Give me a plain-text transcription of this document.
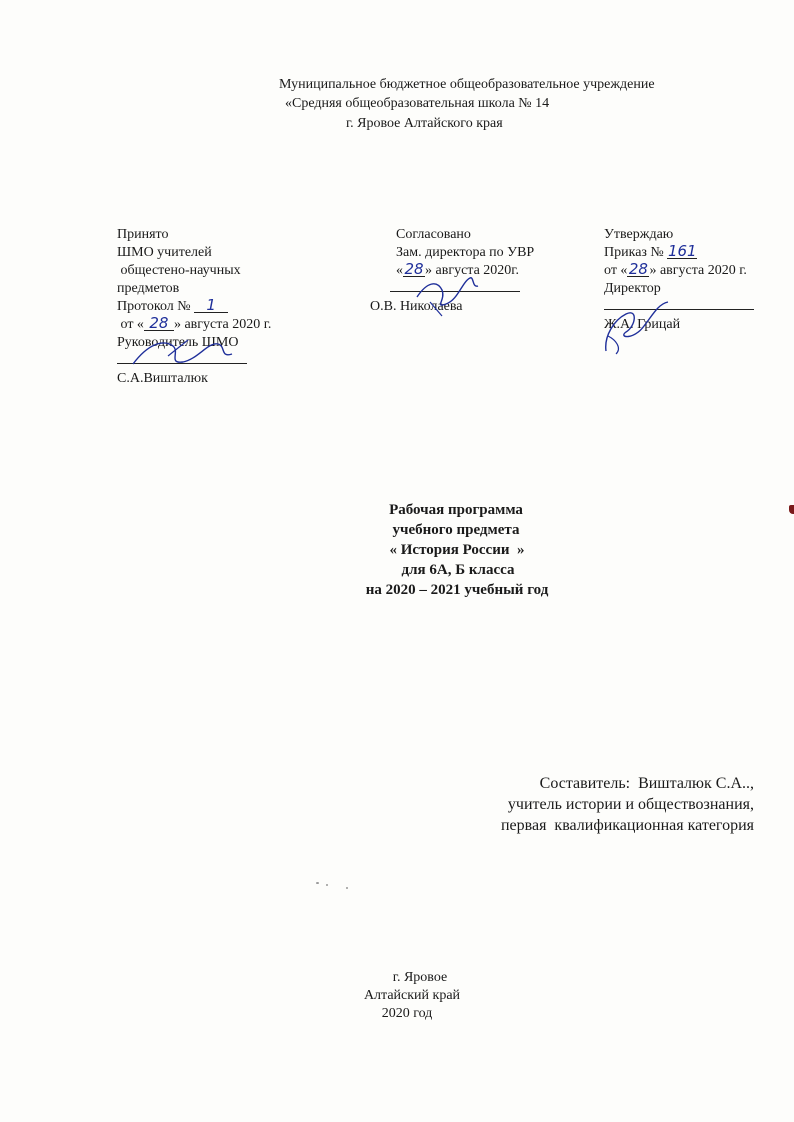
Муниципальное бюджетное общеобразовательное учреждение
«Средняя общеобразовательная школа № 14
г. Яровое Алтайского края
Принято
ШМО учителей
общестено-научных
предметов
Протокол № 1
от « 28 » августа 2020 г.
Руководитель ШМО
С.А.Вишталюк
Согласовано
Зам. директора по УВР
«28» августа 2020г.
О.В. Николаева
Утверждаю
Приказ № 161
от «28» августа 2020 г.
Директор
Ж.А. Грицай
Рабочая программа
учебного предмета
« История России  »
для 6А, Б класса
на 2020 – 2021 учебный год
Составитель:  Вишталюк С.А..,
учитель истории и обществознания,
первая  квалификационная категория
г. Яровое
Алтайский край
2020 год
